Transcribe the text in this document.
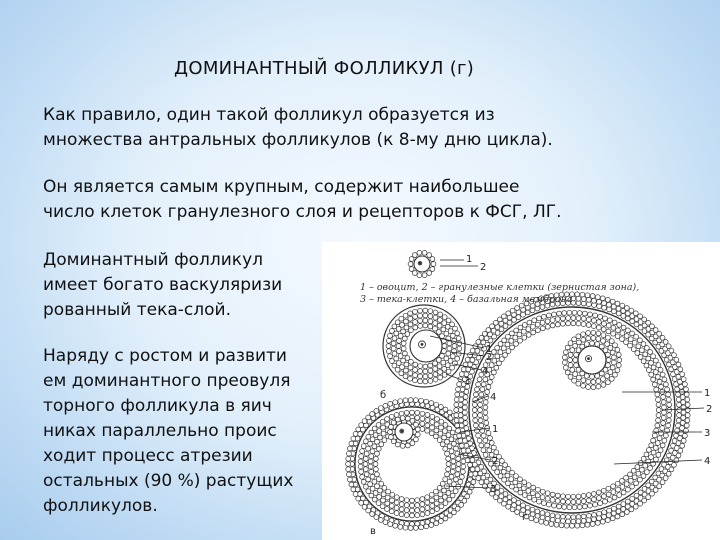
ДОМИНАНТНЫЙ ФОЛЛИКУЛ (г)

Как правило, один такой фолликул образуется из
множества антральных фолликулов (к 8-му дню цикла).

Он является самым крупным, содержит наибольшее
число клеток гранулезного слоя и рецепторов к ФСГ, ЛГ.

Доминантный фолликул
имеет богато васкуляризи
рованный тека-слой.

Наряду с ростом и развити
ем доминантного преовуля
торного фолликула в яич
никах параллельно проис
ходит процесс атрезии
остальных (90 %) растущих
фолликулов.

1
2
1
2
4
3
б	4
1
2
3
в
1
2
3
4
г

1 – овоцит, 2 – гранулезные клетки (зернистая зона),
3 – тека-клетки, 4 – базальная мембрана
